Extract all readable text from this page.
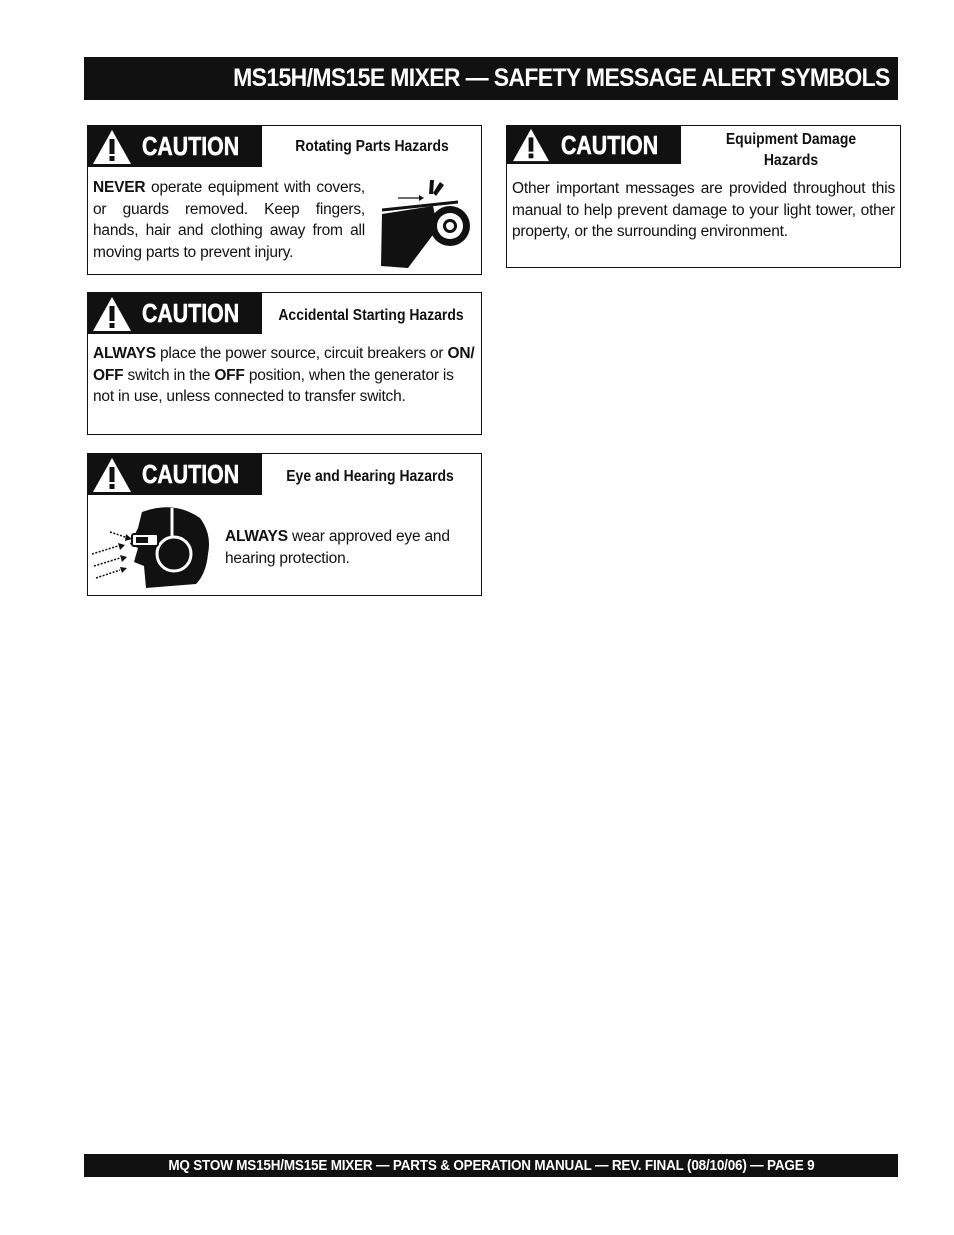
MS15H/MS15E MIXER — SAFETY MESSAGE ALERT SYMBOLS
CAUTION	Rotating Parts Hazards
NEVER operate equipment with covers, or guards removed. Keep fingers, hands, hair and clothing away from all moving parts to prevent injury.
CAUTION	Accidental Starting Hazards
ALWAYS place the power source, circuit breakers or ON/ OFF switch in the OFF position, when the generator is not in use, unless connected to transfer switch.
CAUTION	Eye and Hearing Hazards
ALWAYS wear approved eye and hearing protection.
CAUTION	Equipment Damage Hazards
Other important messages are provided throughout this manual to help prevent damage to your light tower, other property, or the surrounding environment.
MQ STOW MS15H/MS15E MIXER — PARTS & OPERATION MANUAL — REV. FINAL (08/10/06) — PAGE 9
